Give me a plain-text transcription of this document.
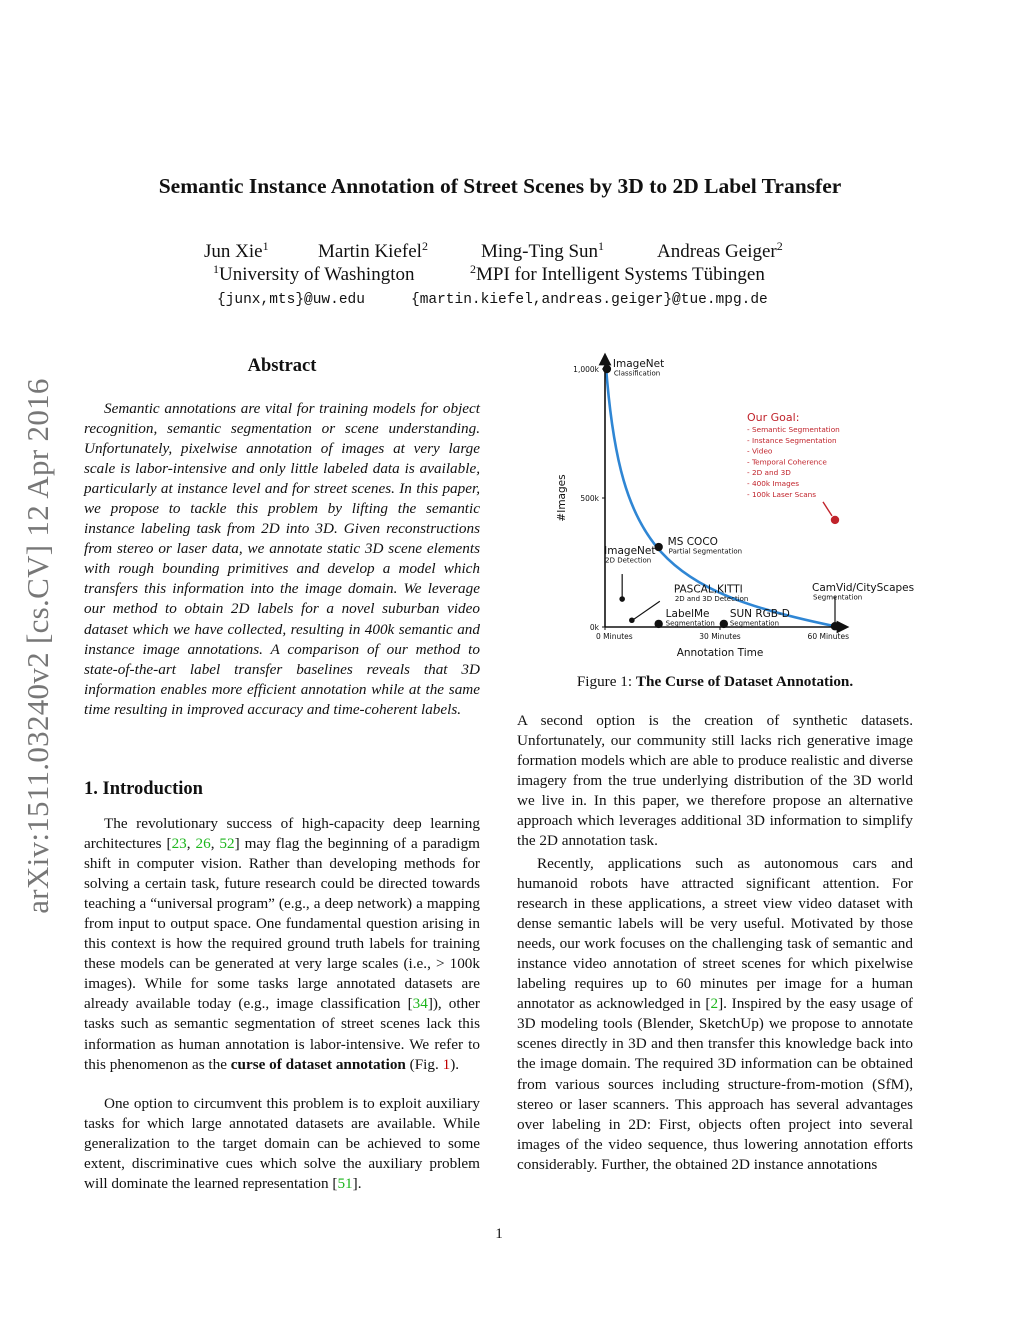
Semantic Instance Annotation of Street Scenes by 3D to 2D Label Transfer
Jun Xie$^1$	Martin Kiefel$^2$	Ming-Ting Sun$^1$	Andreas Geiger$^2$
$^1$University of Washington	$^2$MPI for Intelligent Systems Tübingen
{junx,mts}@uw.edu	{martin.kiefel,andreas.geiger}@tue.mpg.de
arXiv:1511.03240v2 [cs.CV] 12 Apr 2016
Abstract

Semantic annotations are vital for training models for object recognition, semantic segmentation or scene understanding. Unfortunately, pixelwise annotation of images at very large scale is labor-intensive and only little labeled data is available, particularly at instance level and for street scenes. In this paper, we propose to tackle this problem by lifting the semantic instance labeling task from 2D into 3D. Given reconstructions from stereo or laser data, we annotate static 3D scene elements with rough bounding primitives and develop a model which transfers this information into the image domain. We leverage our method to obtain 2D labels for a novel suburban video dataset which we have collected, resulting in 400k semantic and instance image annotations. A comparison of our method to state-of-the-art label transfer baselines reveals that 3D information enables more efficient annotation while at the same time resulting in improved accuracy and time-coherent labels.

1. Introduction

The revolutionary success of high-capacity deep learning architectures [23, 26, 52] may flag the beginning of a paradigm shift in computer vision. Rather than developing methods for solving a certain task, future research could be directed towards teaching a “universal program” (e.g., a deep network) a mapping from input to output space. One fundamental question arising in this context is how the required ground truth labels for training these models can be generated at very large scales (i.e., > 100k images). While for some tasks large annotated datasets are already available today (e.g., image classification [34]), other tasks such as semantic segmentation of street scenes lack this information as human annotation is labor-intensive. We refer to this phenomenon as the curse of dataset annotation (Fig. 1).

One option to circumvent this problem is to exploit auxiliary tasks for which large annotated datasets are available. While generalization to the target domain can be achieved to some extent, discriminative cues which solve the auxiliary problem will dominate the learned representation [51].

A second option is the creation of synthetic datasets. Unfortunately, our community still lacks rich generative image formation models which are able to produce realistic and diverse imagery from the true underlying distribution of the 3D world we live in. In this paper, we therefore propose an alternative approach which leverages additional 3D information to simplify the 2D annotation task.

Recently, applications such as autonomous cars and humanoid robots have attracted significant attention. For research in these applications, a street view video dataset with dense semantic labels will be very useful. Motivated by those needs, our work focuses on the challenging task of semantic and instance video annotation of street scenes for which pixelwise labeling requires up to 60 minutes per image for a human annotator as acknowledged in [2]. Inspired by the easy usage of 3D modeling tools (Blender, SketchUp) we propose to annotate scenes directly in 3D and then transfer this knowledge back into the image domain. The required 3D information can be obtained from various sources including structure-from-motion (SfM), stereo or laser scanners. This approach has several advantages over labeling in 2D: First, objects often project into several images of the video sequence, thus lowering annotation efforts considerably. Further, the obtained 2D instance annotations

0k
500k
1,000k
0 Minutes	30 Minutes	60 Minutes
Annotation Time
#Images
ImageNet
Classification
MS COCO
Partial Segmentation
ImageNet
2D Detection
PASCAL,KITTI
2D and 3D Detection
LabelMe
Segmentation
SUN RGB-D
Segmentation
CamVid/CityScapes
Segmentation
Our Goal:
- Semantic Segmentation
- Instance Segmentation
- Video
- Temporal Coherence
- 2D and 3D
- 400k Images
- 100k Laser Scans
Figure 1: The Curse of Dataset Annotation.
1
